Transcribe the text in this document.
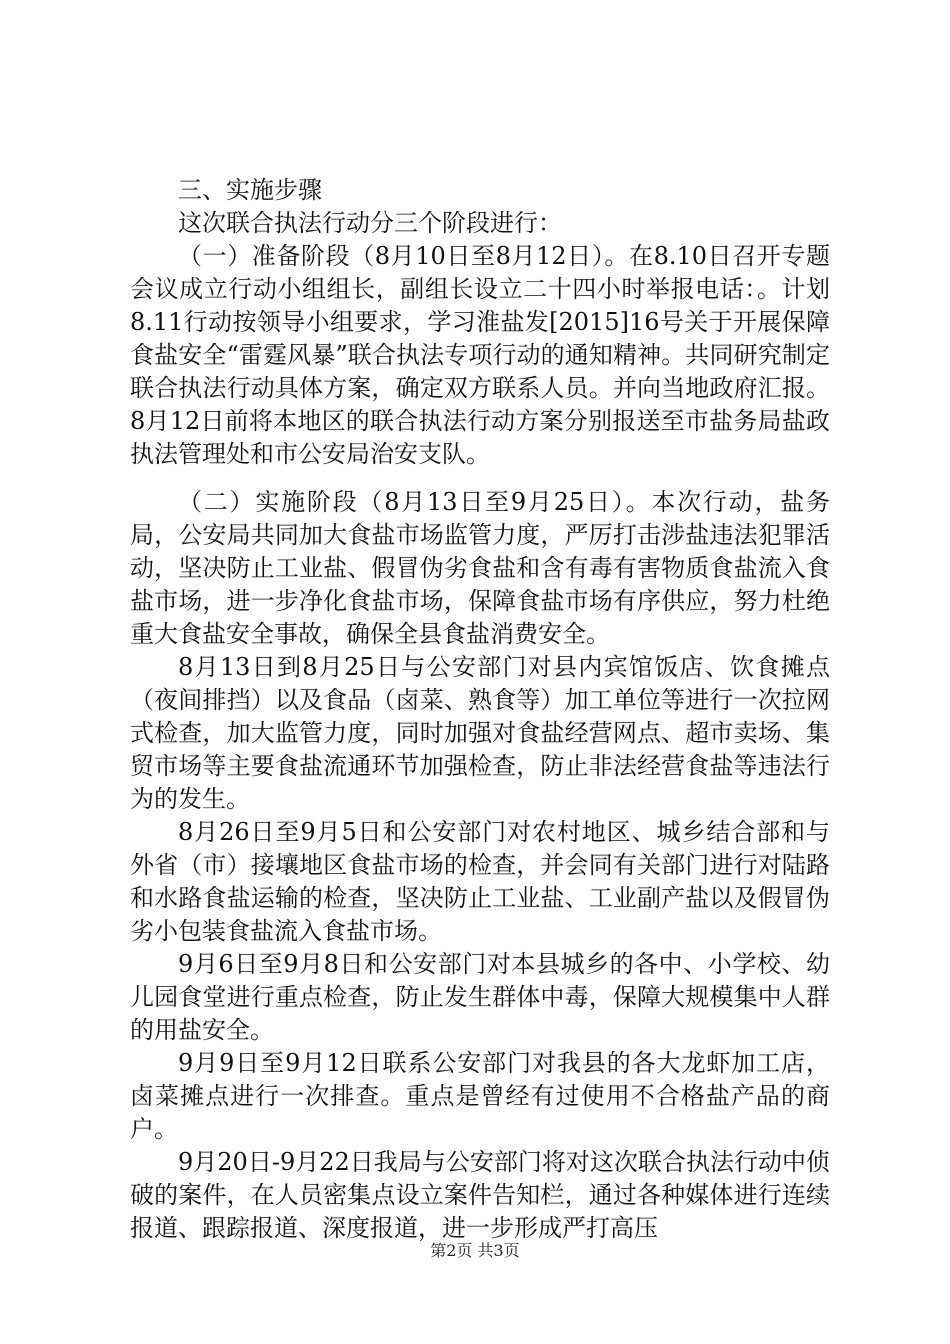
三、实施步骤

这次联合执法行动分三个阶段进行：

（一）准备阶段（8月10日至8月12日）。在8.10日召开专题会议成立行动小组组长，副组长设立二十四小时举报电话：。计划8.11行动按领导小组要求，学习淮盐发[2015]16号关于开展保障食盐安全“雷霆风暴”联合执法专项行动的通知精神。共同研究制定联合执法行动具体方案，确定双方联系人员。并向当地政府汇报。8月12日前将本地区的联合执法行动方案分别报送至市盐务局盐政执法管理处和市公安局治安支队。

（二）实施阶段（8月13日至9月25日）。本次行动，盐务局，公安局共同加大食盐市场监管力度，严厉打击涉盐违法犯罪活动，坚决防止工业盐、假冒伪劣食盐和含有毒有害物质食盐流入食盐市场，进一步净化食盐市场，保障食盐市场有序供应，努力杜绝重大食盐安全事故，确保全县食盐消费安全。

8月13日到8月25日与公安部门对县内宾馆饭店、饮食摊点（夜间排挡）以及食品（卤菜、熟食等）加工单位等进行一次拉网式检查，加大监管力度，同时加强对食盐经营网点、超市卖场、集贸市场等主要食盐流通环节加强检查，防止非法经营食盐等违法行为的发生。

8月26日至9月5日和公安部门对农村地区、城乡结合部和与外省（市）接壤地区食盐市场的检查，并会同有关部门进行对陆路和水路食盐运输的检查，坚决防止工业盐、工业副产盐以及假冒伪劣小包装食盐流入食盐市场。

9月6日至9月8日和公安部门对本县城乡的各中、小学校、幼儿园食堂进行重点检查，防止发生群体中毒，保障大规模集中人群的用盐安全。

9月9日至9月12日联系公安部门对我县的各大龙虾加工店，卤菜摊点进行一次排查。重点是曾经有过使用不合格盐产品的商户。

9月20日-9月22日我局与公安部门将对这次联合执法行动中侦破的案件，在人员密集点设立案件告知栏，通过各种媒体进行连续报道、跟踪报道、深度报道，进一步形成严打高压

第2页 共3页
